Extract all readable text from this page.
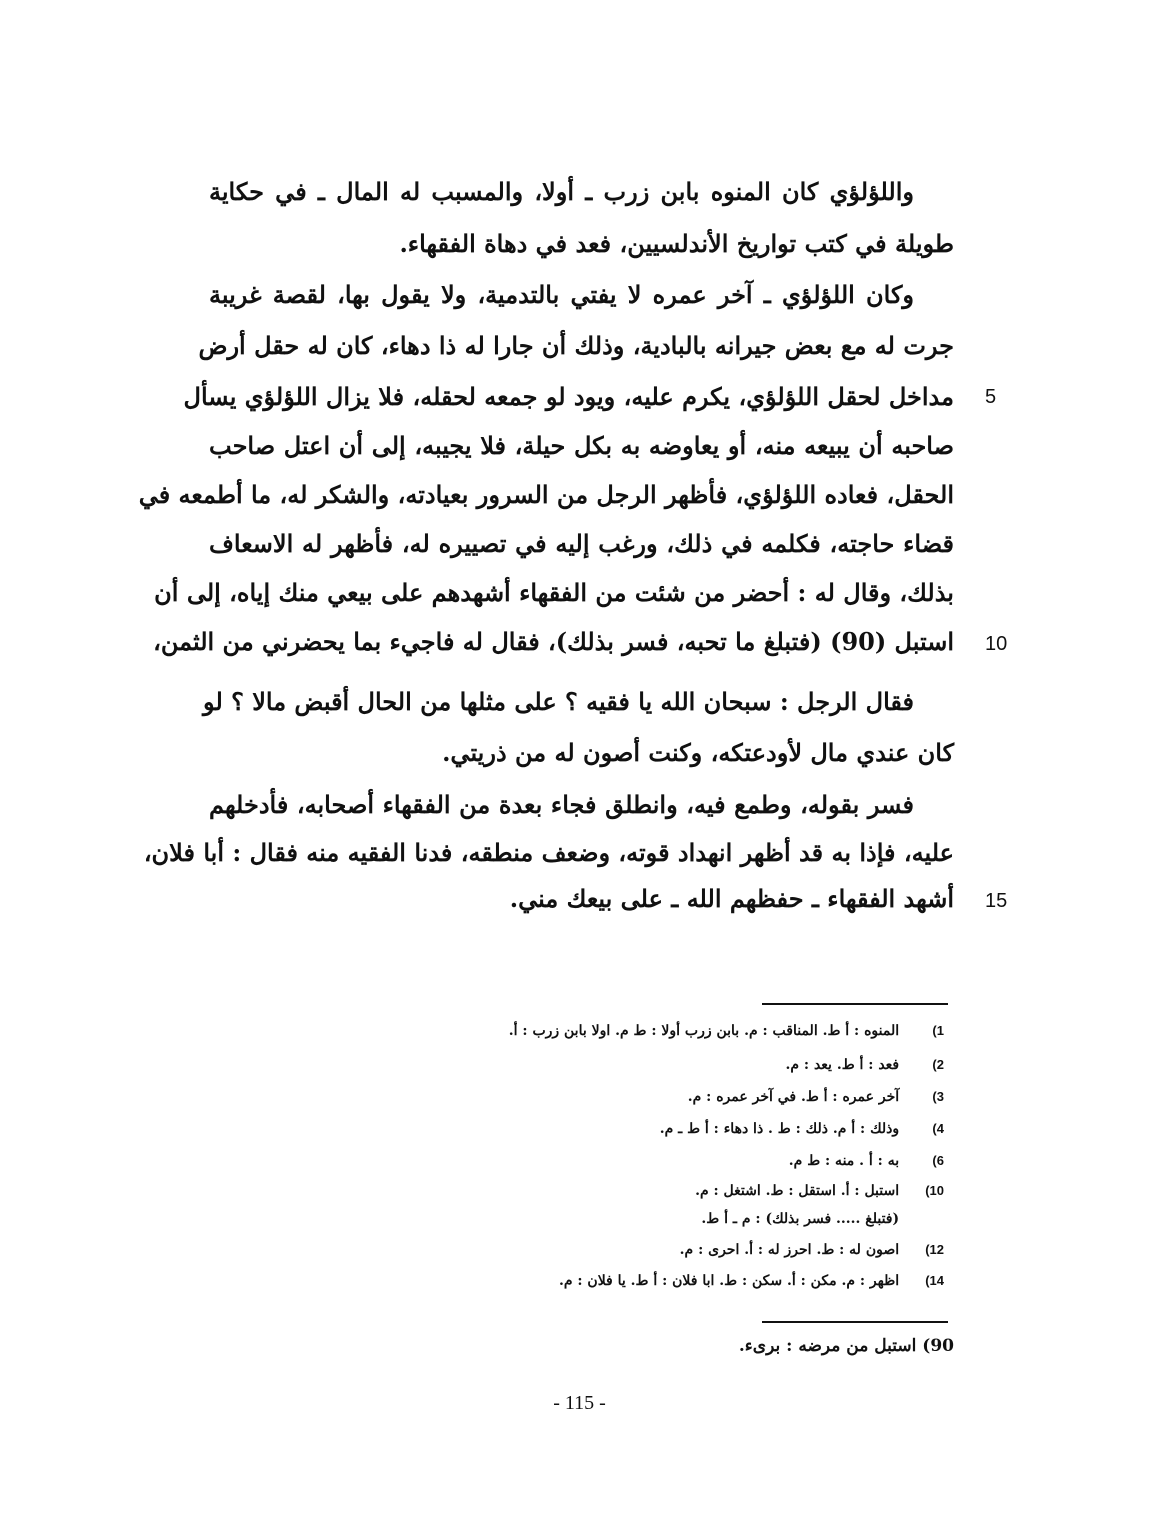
واللؤلؤي كان المنوه بابن زرب ـ أولا، والمسبب له المال ـ في حكاية
طويلة في كتب تواريخ الأندلسيين، فعد في دهاة الفقهاء.
وكان اللؤلؤي ـ آخر عمره لا يفتي بالتدمية، ولا يقول بها، لقصة غريبة
جرت له مع بعض جيرانه بالبادية، وذلك أن جارا له ذا دهاء، كان له حقل أرض
مداخل لحقل اللؤلؤي، يكرم عليه، ويود لو جمعه لحقله، فلا يزال اللؤلؤي يسأل
صاحبه أن يبيعه منه، أو يعاوضه به بكل حيلة، فلا يجيبه، إلى أن اعتل صاحب
الحقل، فعاده اللؤلؤي، فأظهر الرجل من السرور بعيادته، والشكر له، ما أطمعه في
قضاء حاجته، فكلمه في ذلك، ورغب إليه في تصييره له، فأظهر له الاسعاف
بذلك، وقال له : أحضر من شئت من الفقهاء أشهدهم على بيعي منك إياه، إلى أن
استبل (90) (فتبلغ ما تحبه، فسر بذلك)، فقال له فاجيء بما يحضرني من الثمن،
فقال الرجل : سبحان الله يا فقيه ؟ على مثلها من الحال أقبض مالا ؟ لو
كان عندي مال لأودعتكه، وكنت أصون له من ذريتي.
فسر بقوله، وطمع فيه، وانطلق فجاء بعدة من الفقهاء أصحابه، فأدخلهم
عليه، فإذا به قد أظهر انهداد قوته، وضعف منطقه، فدنا الفقيه منه فقال : أبا فلان،
أشهد الفقهاء ـ حفظهم الله ـ على بيعك مني.
5
10
15
1) المنوه : أ ط. المناقب : م. بابن زرب أولا : ط م. اولا بابن زرب : أ.
2) فعد : أ ط. يعد : م.
3) آخر عمره : أ ط. في آخر عمره : م.
4) وذلك : أ م. ذلك : ط . ذا دهاء : أ ط ـ م.
6) به : أ . منه : ط م.
10) استبل : أ. استقل : ط. اشتغل : م.
(فتبلغ ..... فسر بذلك) : م ـ أ ط.
12) اصون له : ط. احرز له : أ. احرى : م.
14) اظهر : م. مكن : أ. سكن : ط. ابا فلان : أ ط. يا فلان : م.
90) استبل من مرضه : برىء.
- 115 -
